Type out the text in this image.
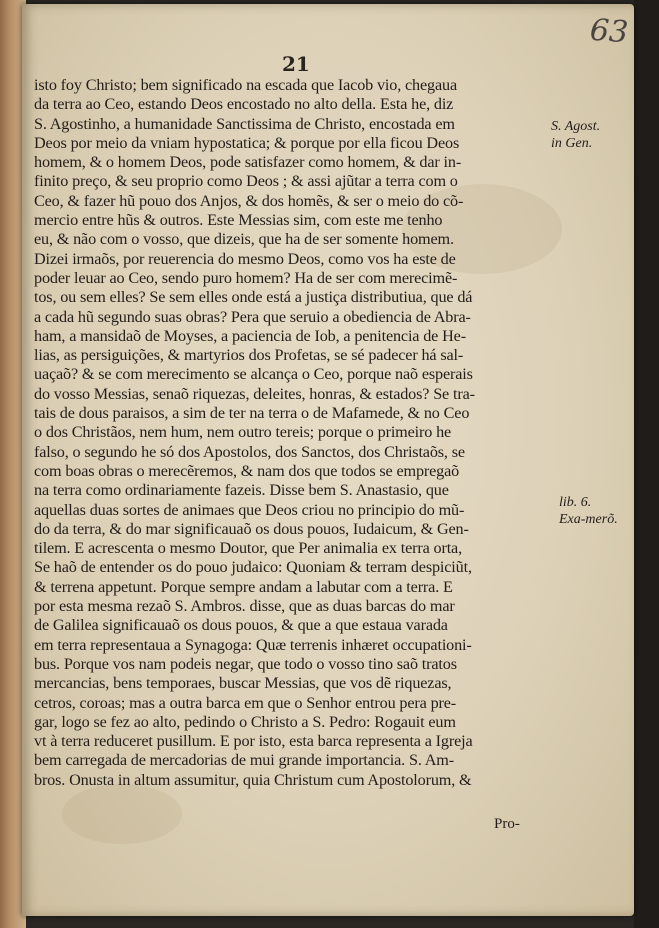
21
63
isto foy Christo; bem significado na escada que Iacob vio, chegaua
da terra ao Ceo, estando Deos encostado no alto della. Esta he, diz
S. Agostinho, a humanidade Sanctissima de Christo, encostada em
Deos por meio da vniam hypostatica; & porque por ella ficou Deos
homem, & o homem Deos, pode satisfazer como homem, & dar in-
finito preço, & seu proprio como Deos ; & assi ajũtar a terra com o
Ceo, & fazer hũ pouo dos Anjos, & dos homẽs, & ser o meio do cõ-
mercio entre hũs & outros. Este Messias sim, com este me tenho
eu, & não com o vosso, que dizeis, que ha de ser somente homem.
Dizei irmaõs, por reuerencia do mesmo Deos, como vos ha este de
poder leuar ao Ceo, sendo puro homem? Ha de ser com merecimẽ-
tos, ou sem elles? Se sem elles onde está a justiça distributiua, que dá
a cada hũ segundo suas obras? Pera que seruio a obediencia de Abra-
ham, a mansidaõ de Moyses, a paciencia de Iob, a penitencia de He-
lias, as persiguições, & martyrios dos Profetas, se sé padecer há sal-
uaçaõ? & se com merecimento se alcança o Ceo, porque naõ esperais
do vosso Messias, senaõ riquezas, deleites, honras, & estados? Se tra-
tais de dous paraisos, a sim de ter na terra o de Mafamede, & no Ceo
o dos Christãos, nem hum, nem outro tereis; porque o primeiro he
falso, o segundo he só dos Apostolos, dos Sanctos, dos Christaõs, se
com boas obras o merecẽremos, & nam dos que todos se empregaõ
na terra como ordinariamente fazeis. Disse bem S. Anastasio, que
aquellas duas sortes de animaes que Deos criou no principio do mũ-
do da terra, & do mar significauaõ os dous pouos, Iudaicum, & Gen-
tilem. E acrescenta o mesmo Doutor, que Per animalia ex terra orta,
Se haõ de entender os do pouo judaico: Quoniam & terram despiciũt,
& terrena appetunt. Porque sempre andam a labutar com a terra. E
por esta mesma rezaõ S. Ambros. disse, que as duas barcas do mar
de Galilea significauaõ os dous pouos, & que a que estaua varada
em terra representaua a Synagoga: Quæ terrenis inhæret occupationi-
bus. Porque vos nam podeis negar, que todo o vosso tino saõ tratos
mercancias, bens temporaes, buscar Messias, que vos dẽ riquezas,
cetros, coroas; mas a outra barca em que o Senhor entrou pera pre-
gar, logo se fez ao alto, pedindo o Christo a S. Pedro: Rogauit eum
vt à terra reduceret pusillum. E por isto, esta barca representa a Igreja
bem carregada de mercadorias de mui grande importancia. S. Am-
bros. Onusta in altum assumitur, quia Christum cum Apostolorum, &
S. Agost. in Gen.
lib. 6. Exa-merõ.
Pro-
